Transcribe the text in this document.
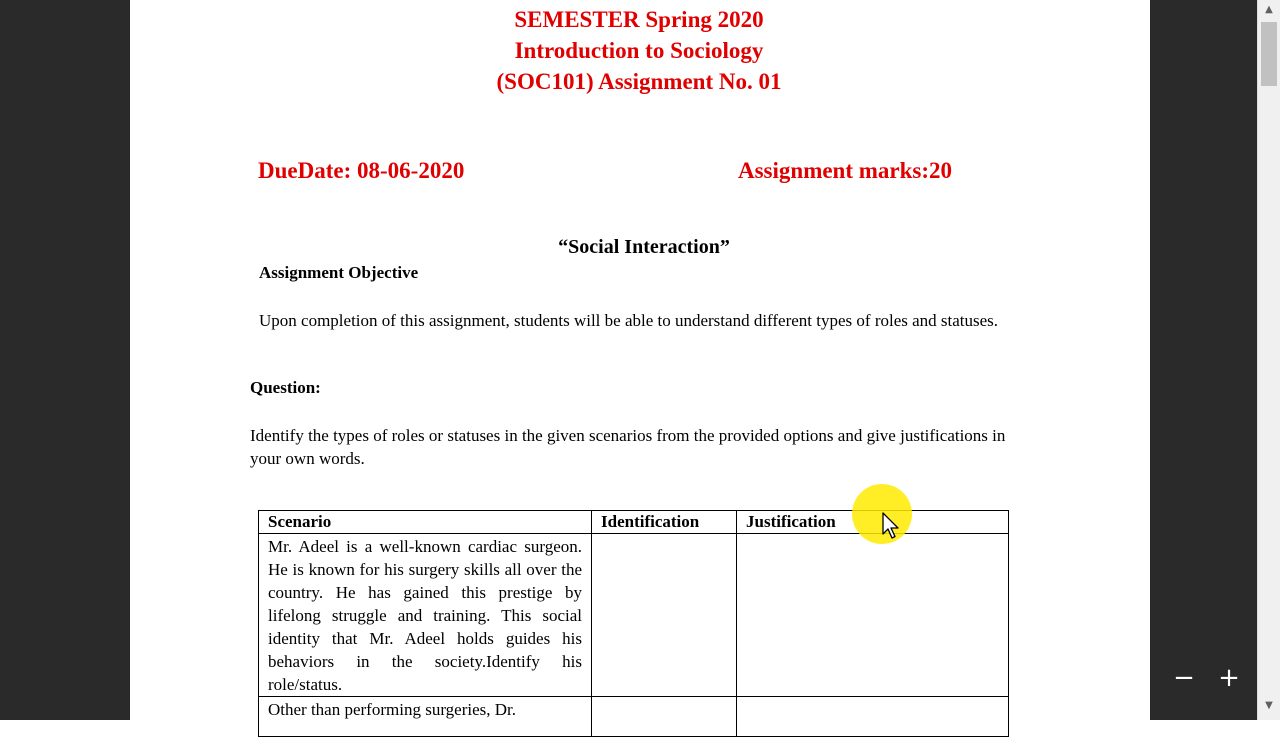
SEMESTER Spring 2020
Introduction to Sociology
(SOC101) Assignment No. 01
DueDate: 08-06-2020	Assignment marks:20
“Social Interaction”
Assignment Objective
Upon completion of this assignment, students will be able to understand different types of roles and statuses.
Question:
Identify the types of roles or statuses in the given scenarios from the provided options and give justifications in your own words.
Scenario	Identification	Justification

Mr. Adeel is a well-known cardiac surgeon. He is known for his surgery skills all over the country. He has gained this prestige by lifelong struggle and training. This social identity that Mr. Adeel holds guides his behaviors in the society.Identify his role/status.		

Other than performing surgeries, Dr.		

− +
▲
▼
